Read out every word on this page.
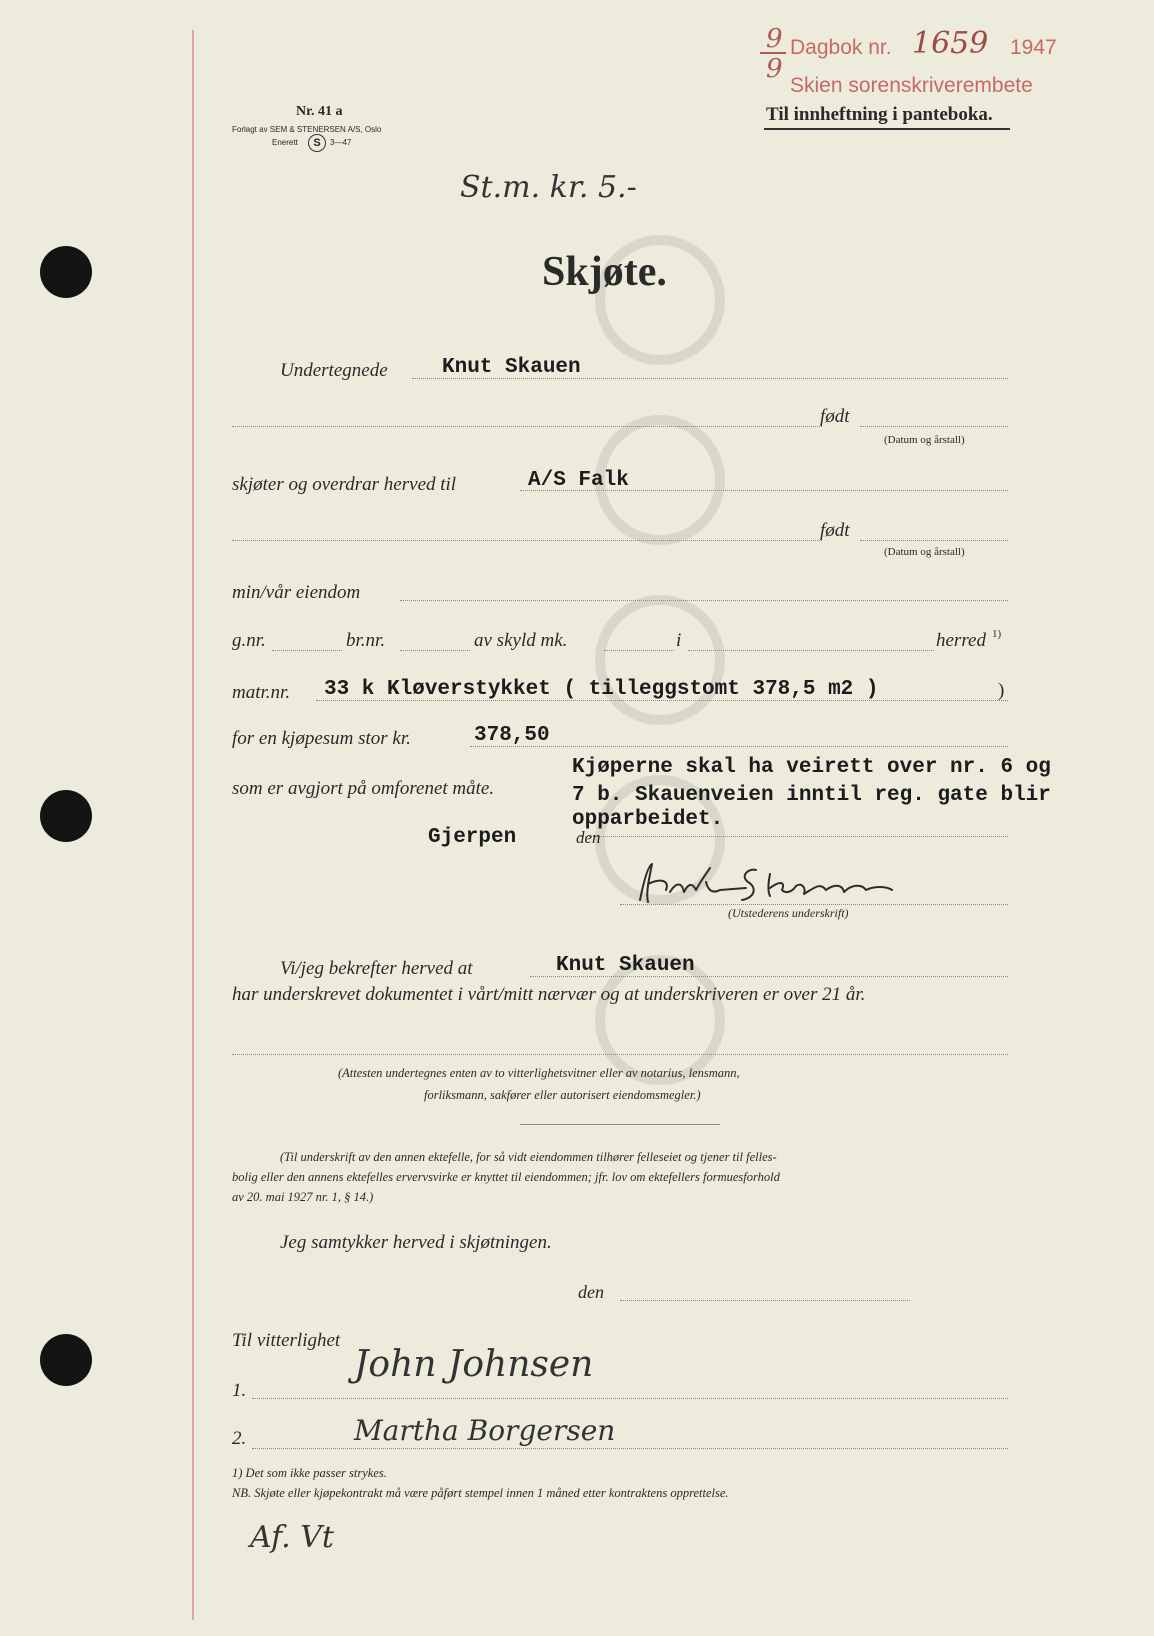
9
9
Dagbok nr. 1659 1947
Skien sorenskriverembete
Til innheftning i panteboka.
Nr. 41 a
Forlagt av SEM & STENERSEN A/S, Oslo
Enerett	S	3—47
St.m. kr. 5.-
Skjøte.
Undertegnede	Knut Skauen
født
(Datum og årstall)
skjøter og overdrar herved til	A/S Falk
født
(Datum og årstall)
min/vår eiendom
g.nr.	br.nr.	av skyld mk.	i	herred 1)
matr.nr. 33 k Kløverstykket ( tilleggstomt 378,5 m2 )	)
for en kjøpesum stor kr.	378,50
som er avgjort på omforenet måte.
Kjøperne skal ha veirett over nr. 6 og
7 b. Skauenveien inntil reg. gate blir
opparbeidet.
Gjerpen	den
(Utstederens underskrift)
Vi/jeg bekrefter herved at	Knut Skauen
har underskrevet dokumentet i vårt/mitt nærvær og at underskriveren er over 21 år.
(Attesten undertegnes enten av to vitterlighetsvitner eller av notarius, lensmann,
forliksmann, sakfører eller autorisert eiendomsmegler.)
(Til underskrift av den annen ektefelle, for så vidt eiendommen tilhører felleseiet og tjener til felles-
bolig eller den annens ektefelles ervervsvirke er knyttet til eiendommen; jfr. lov om ektefellers formuesforhold
av 20. mai 1927 nr. 1, § 14.)
Jeg samtykker herved i skjøtningen.
den
Til vitterlighet
1.
John Johnsen
2.	Martha Borgersen
1) Det som ikke passer strykes.
NB. Skjøte eller kjøpekontrakt må være påført stempel innen 1 måned etter kontraktens opprettelse.
Af. Vt
